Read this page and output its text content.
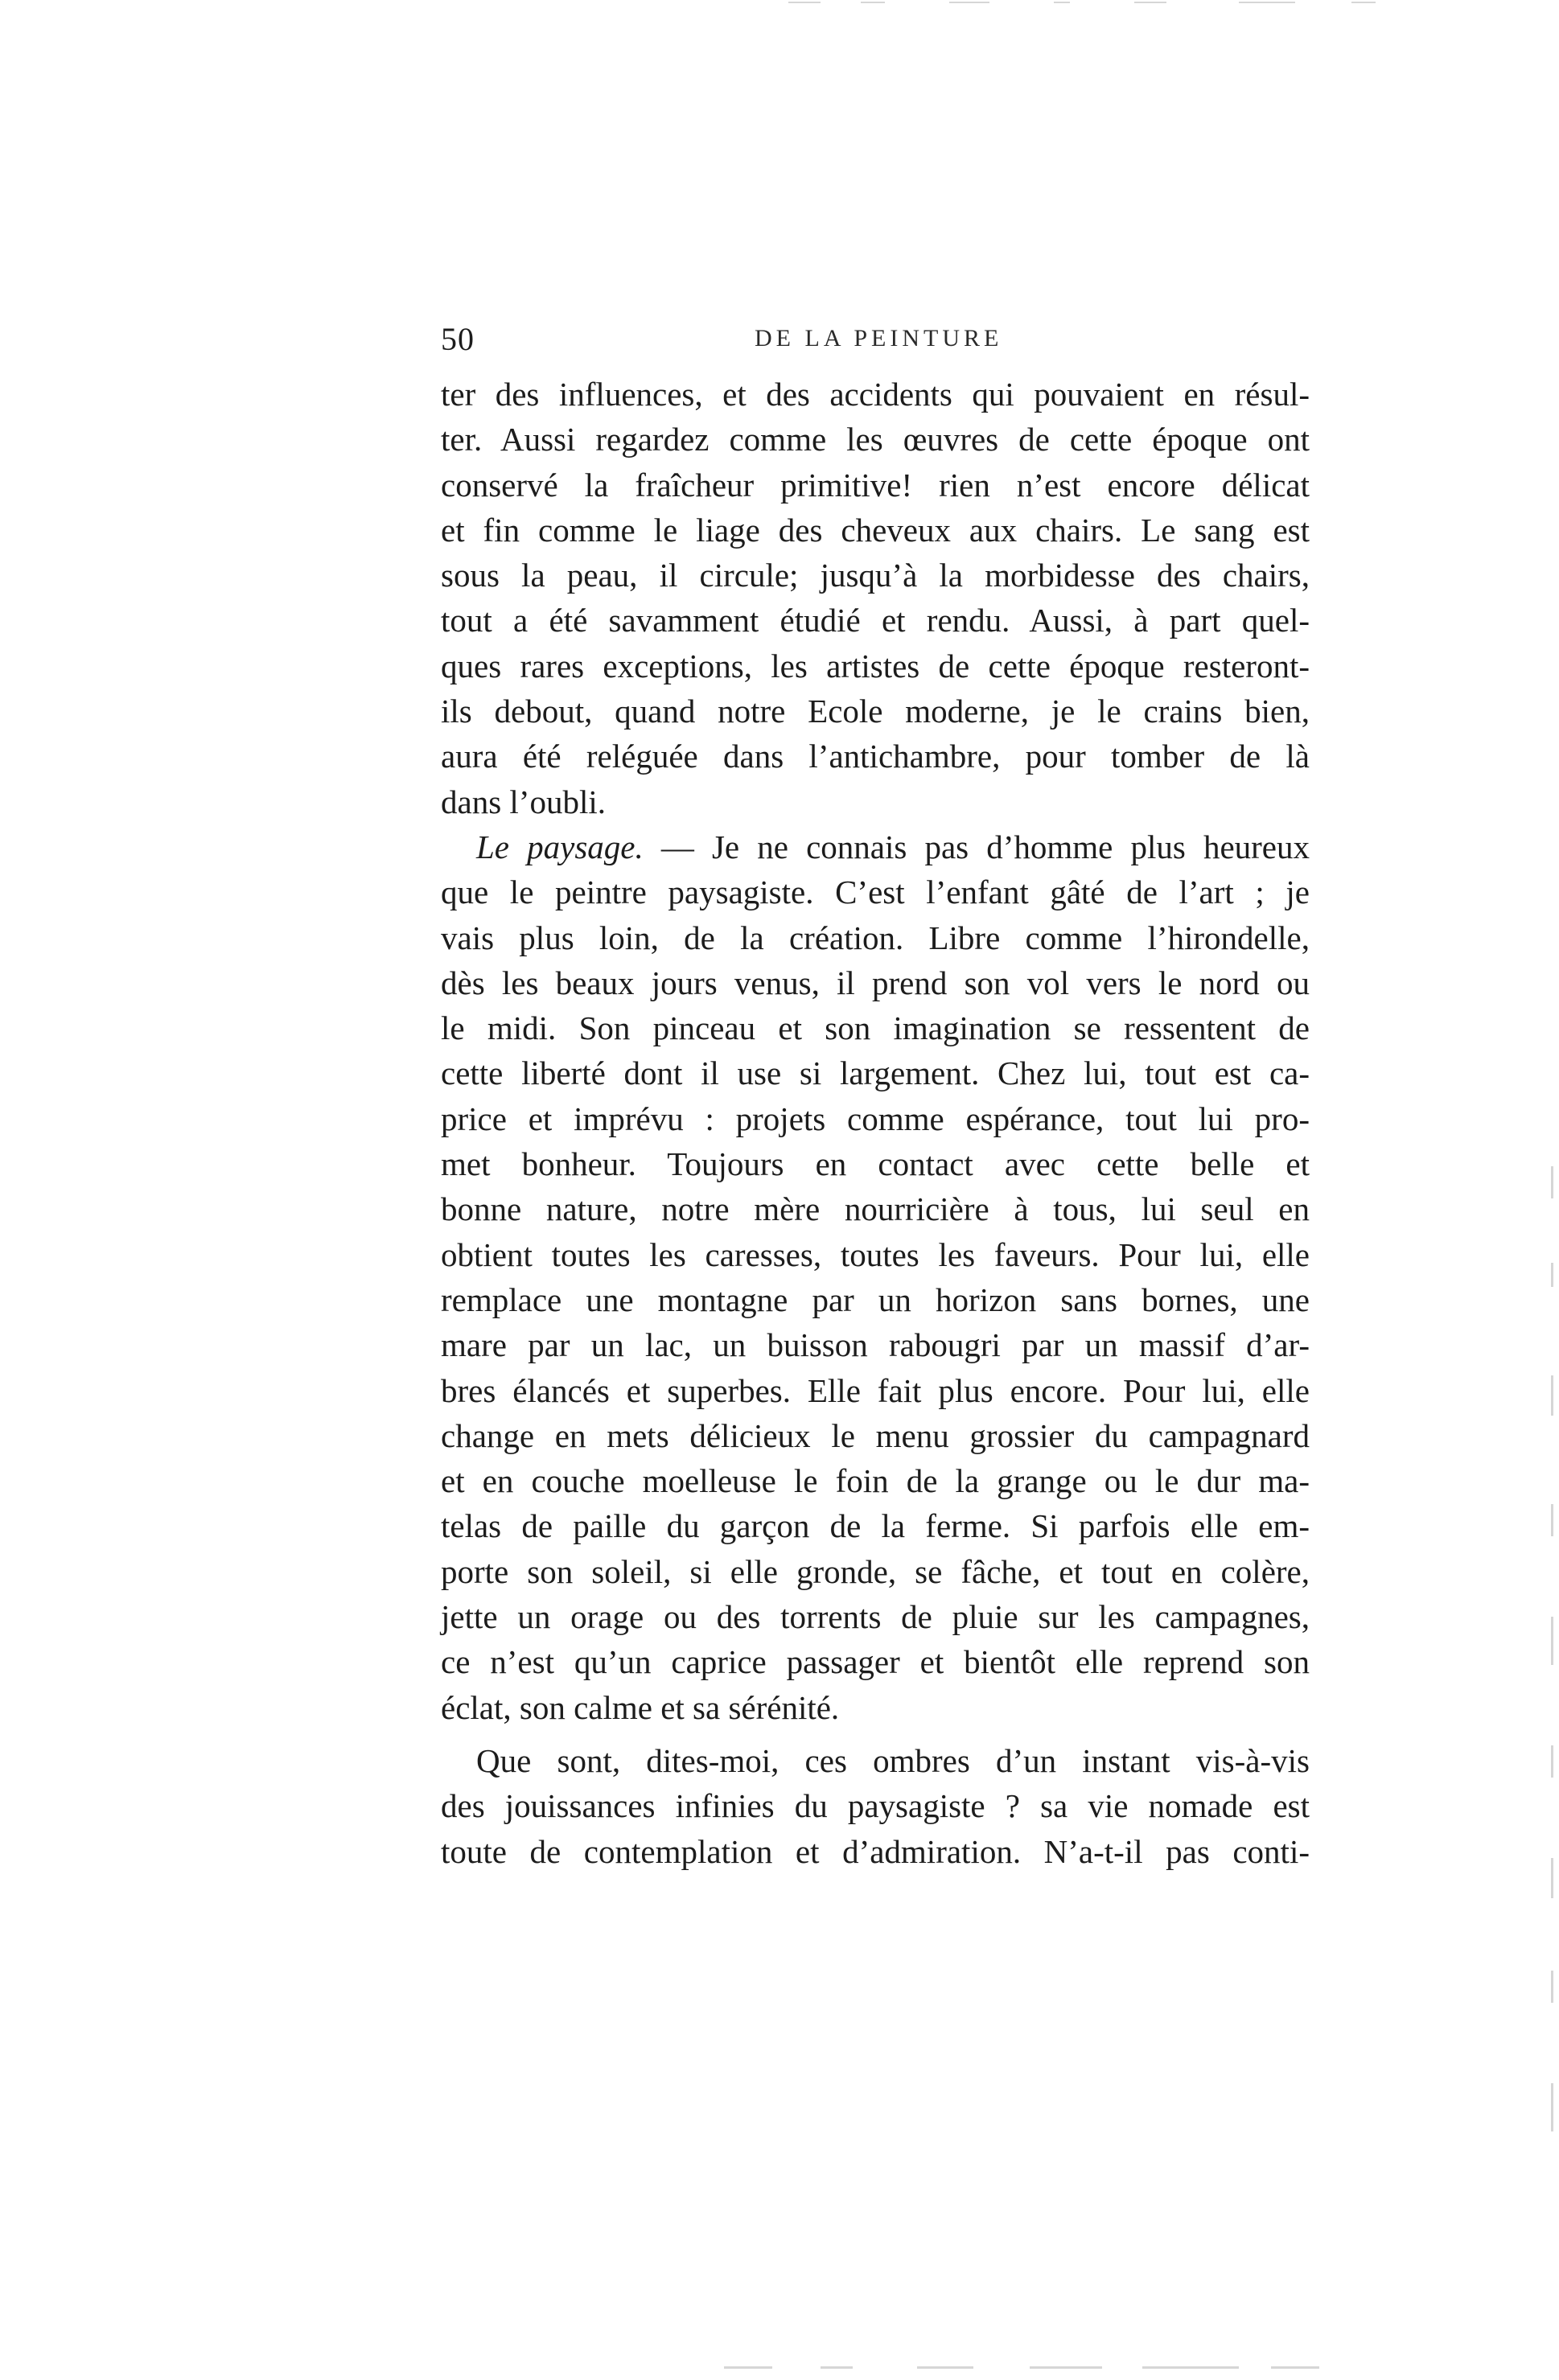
50	DE LA PEINTURE
ter des influences, et des accidents qui pouvaient en résul-
ter. Aussi regardez comme les œuvres de cette époque ont
conservé la fraîcheur primitive! rien n’est encore délicat
et fin comme le liage des cheveux aux chairs. Le sang est
sous la peau, il circule; jusqu’à la morbidesse des chairs,
tout a été savamment étudié et rendu. Aussi, à part quel-
ques rares exceptions, les artistes de cette époque resteront-
ils debout, quand notre Ecole moderne, je le crains bien,
aura été reléguée dans l’antichambre, pour tomber de là
dans l’oubli.
Le paysage. — Je ne connais pas d’homme plus heureux
que le peintre paysagiste. C’est l’enfant gâté de l’art ; je
vais plus loin, de la création. Libre comme l’hirondelle,
dès les beaux jours venus, il prend son vol vers le nord ou
le midi. Son pinceau et son imagination se ressentent de
cette liberté dont il use si largement. Chez lui, tout est ca-
price et imprévu : projets comme espérance, tout lui pro-
met bonheur. Toujours en contact avec cette belle et
bonne nature, notre mère nourricière à tous, lui seul en
obtient toutes les caresses, toutes les faveurs. Pour lui, elle
remplace une montagne par un horizon sans bornes, une
mare par un lac, un buisson rabougri par un massif d’ar-
bres élancés et superbes. Elle fait plus encore. Pour lui, elle
change en mets délicieux le menu grossier du campagnard
et en couche moelleuse le foin de la grange ou le dur ma-
telas de paille du garçon de la ferme. Si parfois elle em-
porte son soleil, si elle gronde, se fâche, et tout en colère,
jette un orage ou des torrents de pluie sur les campagnes,
ce n’est qu’un caprice passager et bientôt elle reprend son
éclat, son calme et sa sérénité.
Que sont, dites-moi, ces ombres d’un instant vis-à-vis
des jouissances infinies du paysagiste ? sa vie nomade est
toute de contemplation et d’admiration. N’a-t-il pas conti-
